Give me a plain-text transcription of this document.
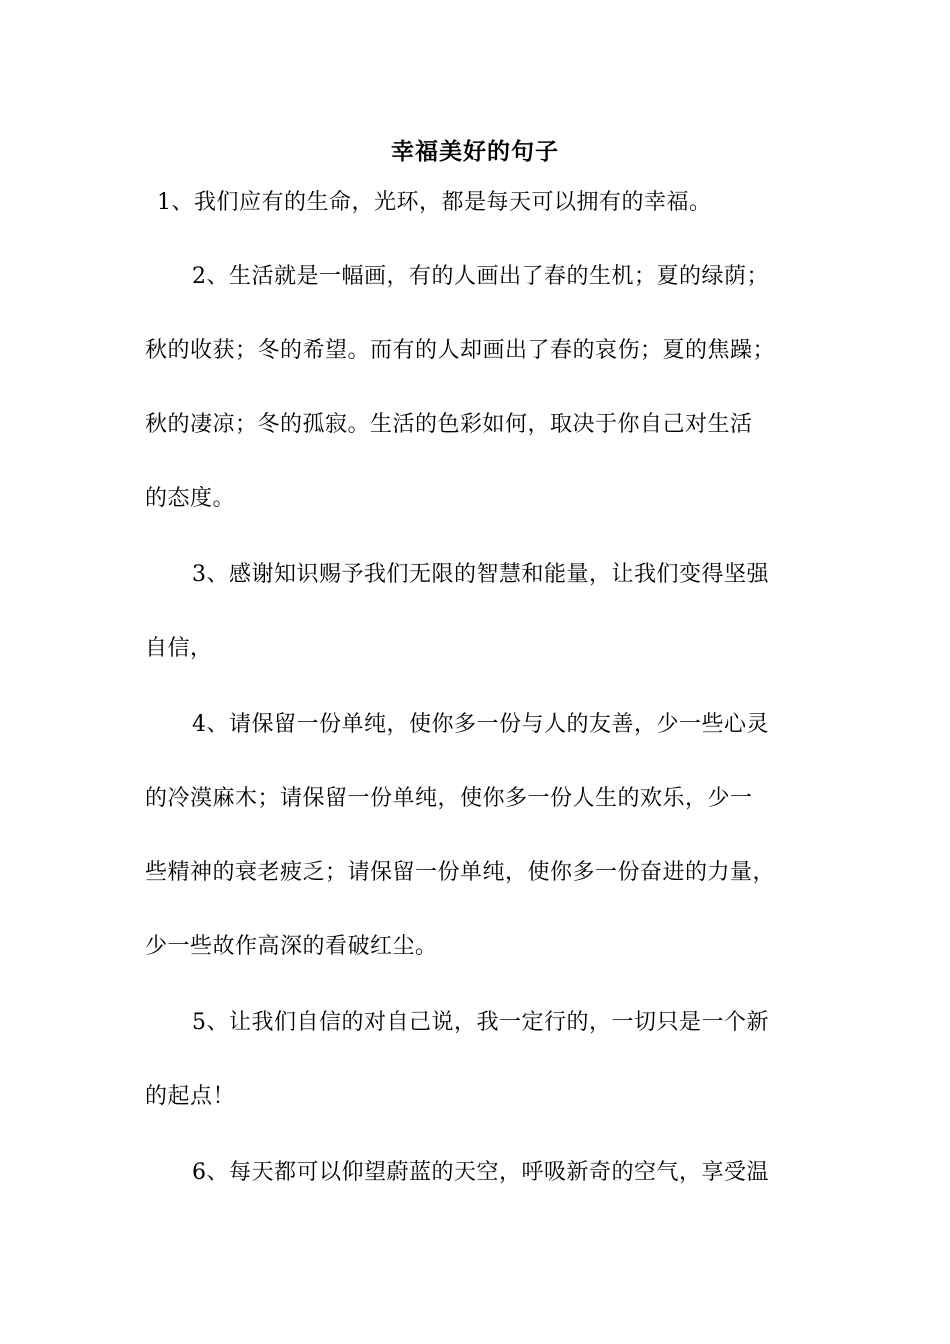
幸福美好的句子
1、我们应有的生命，光环，都是每天可以拥有的幸福。
2、生活就是一幅画，有的人画出了春的生机；夏的绿荫；
秋的收获；冬的希望。而有的人却画出了春的哀伤；夏的焦躁；
秋的凄凉；冬的孤寂。生活的色彩如何，取决于你自己对生活
的态度。
3、感谢知识赐予我们无限的智慧和能量，让我们变得坚强
自信，
4、请保留一份单纯，使你多一份与人的友善，少一些心灵
的冷漠麻木；请保留一份单纯，使你多一份人生的欢乐，少一
些精神的衰老疲乏；请保留一份单纯，使你多一份奋进的力量，
少一些故作高深的看破红尘。
5、让我们自信的对自己说，我一定行的，一切只是一个新
的起点！
6、每天都可以仰望蔚蓝的天空，呼吸新奇的空气，享受温
